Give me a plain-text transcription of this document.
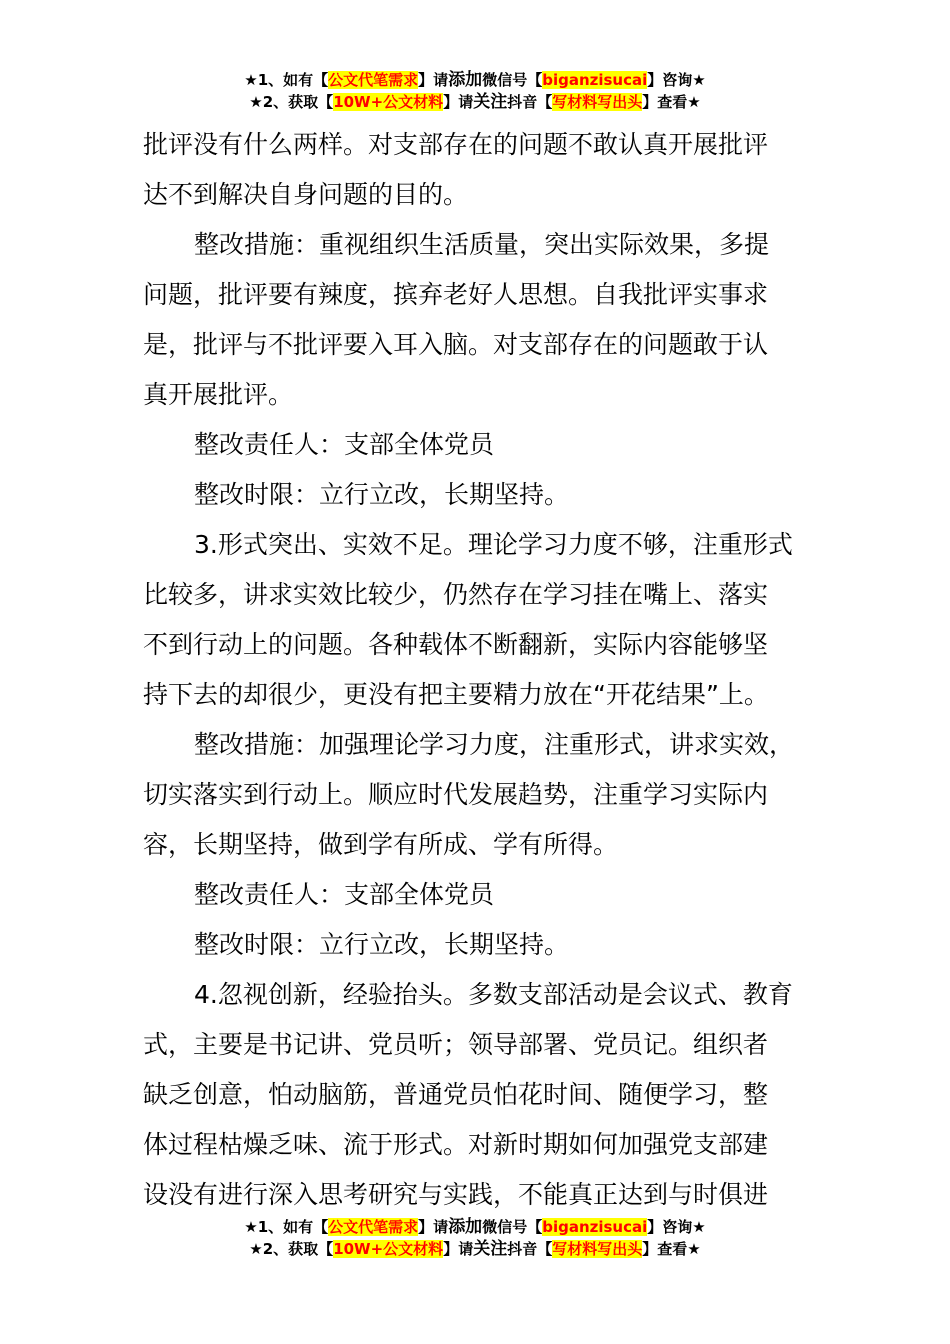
★1、如有【公文代笔需求】请添加微信号【biganzisucai】咨询★
★2、获取【10W+公文材料】请关注抖音【写材料写出头】查看★
批评没有什么两样。对支部存在的问题不敢认真开展批评
达不到解决自身问题的目的。
整改措施：重视组织生活质量，突出实际效果，多提
问题，批评要有辣度，摈弃老好人思想。自我批评实事求
是，批评与不批评要入耳入脑。对支部存在的问题敢于认
真开展批评。
整改责任人：支部全体党员
整改时限：立行立改，长期坚持。
3.形式突出、实效不足。理论学习力度不够，注重形式
比较多，讲求实效比较少，仍然存在学习挂在嘴上、落实
不到行动上的问题。各种载体不断翻新，实际内容能够坚
持下去的却很少，更没有把主要精力放在“开花结果”上。
整改措施：加强理论学习力度，注重形式，讲求实效，
切实落实到行动上。顺应时代发展趋势，注重学习实际内
容，长期坚持，做到学有所成、学有所得。
整改责任人：支部全体党员
整改时限：立行立改，长期坚持。
4.忽视创新，经验抬头。多数支部活动是会议式、教育
式，主要是书记讲、党员听；领导部署、党员记。组织者
缺乏创意，怕动脑筋，普通党员怕花时间、随便学习，整
体过程枯燥乏味、流于形式。对新时期如何加强党支部建
设没有进行深入思考研究与实践，不能真正达到与时俱进
★1、如有【公文代笔需求】请添加微信号【biganzisucai】咨询★
★2、获取【10W+公文材料】请关注抖音【写材料写出头】查看★
